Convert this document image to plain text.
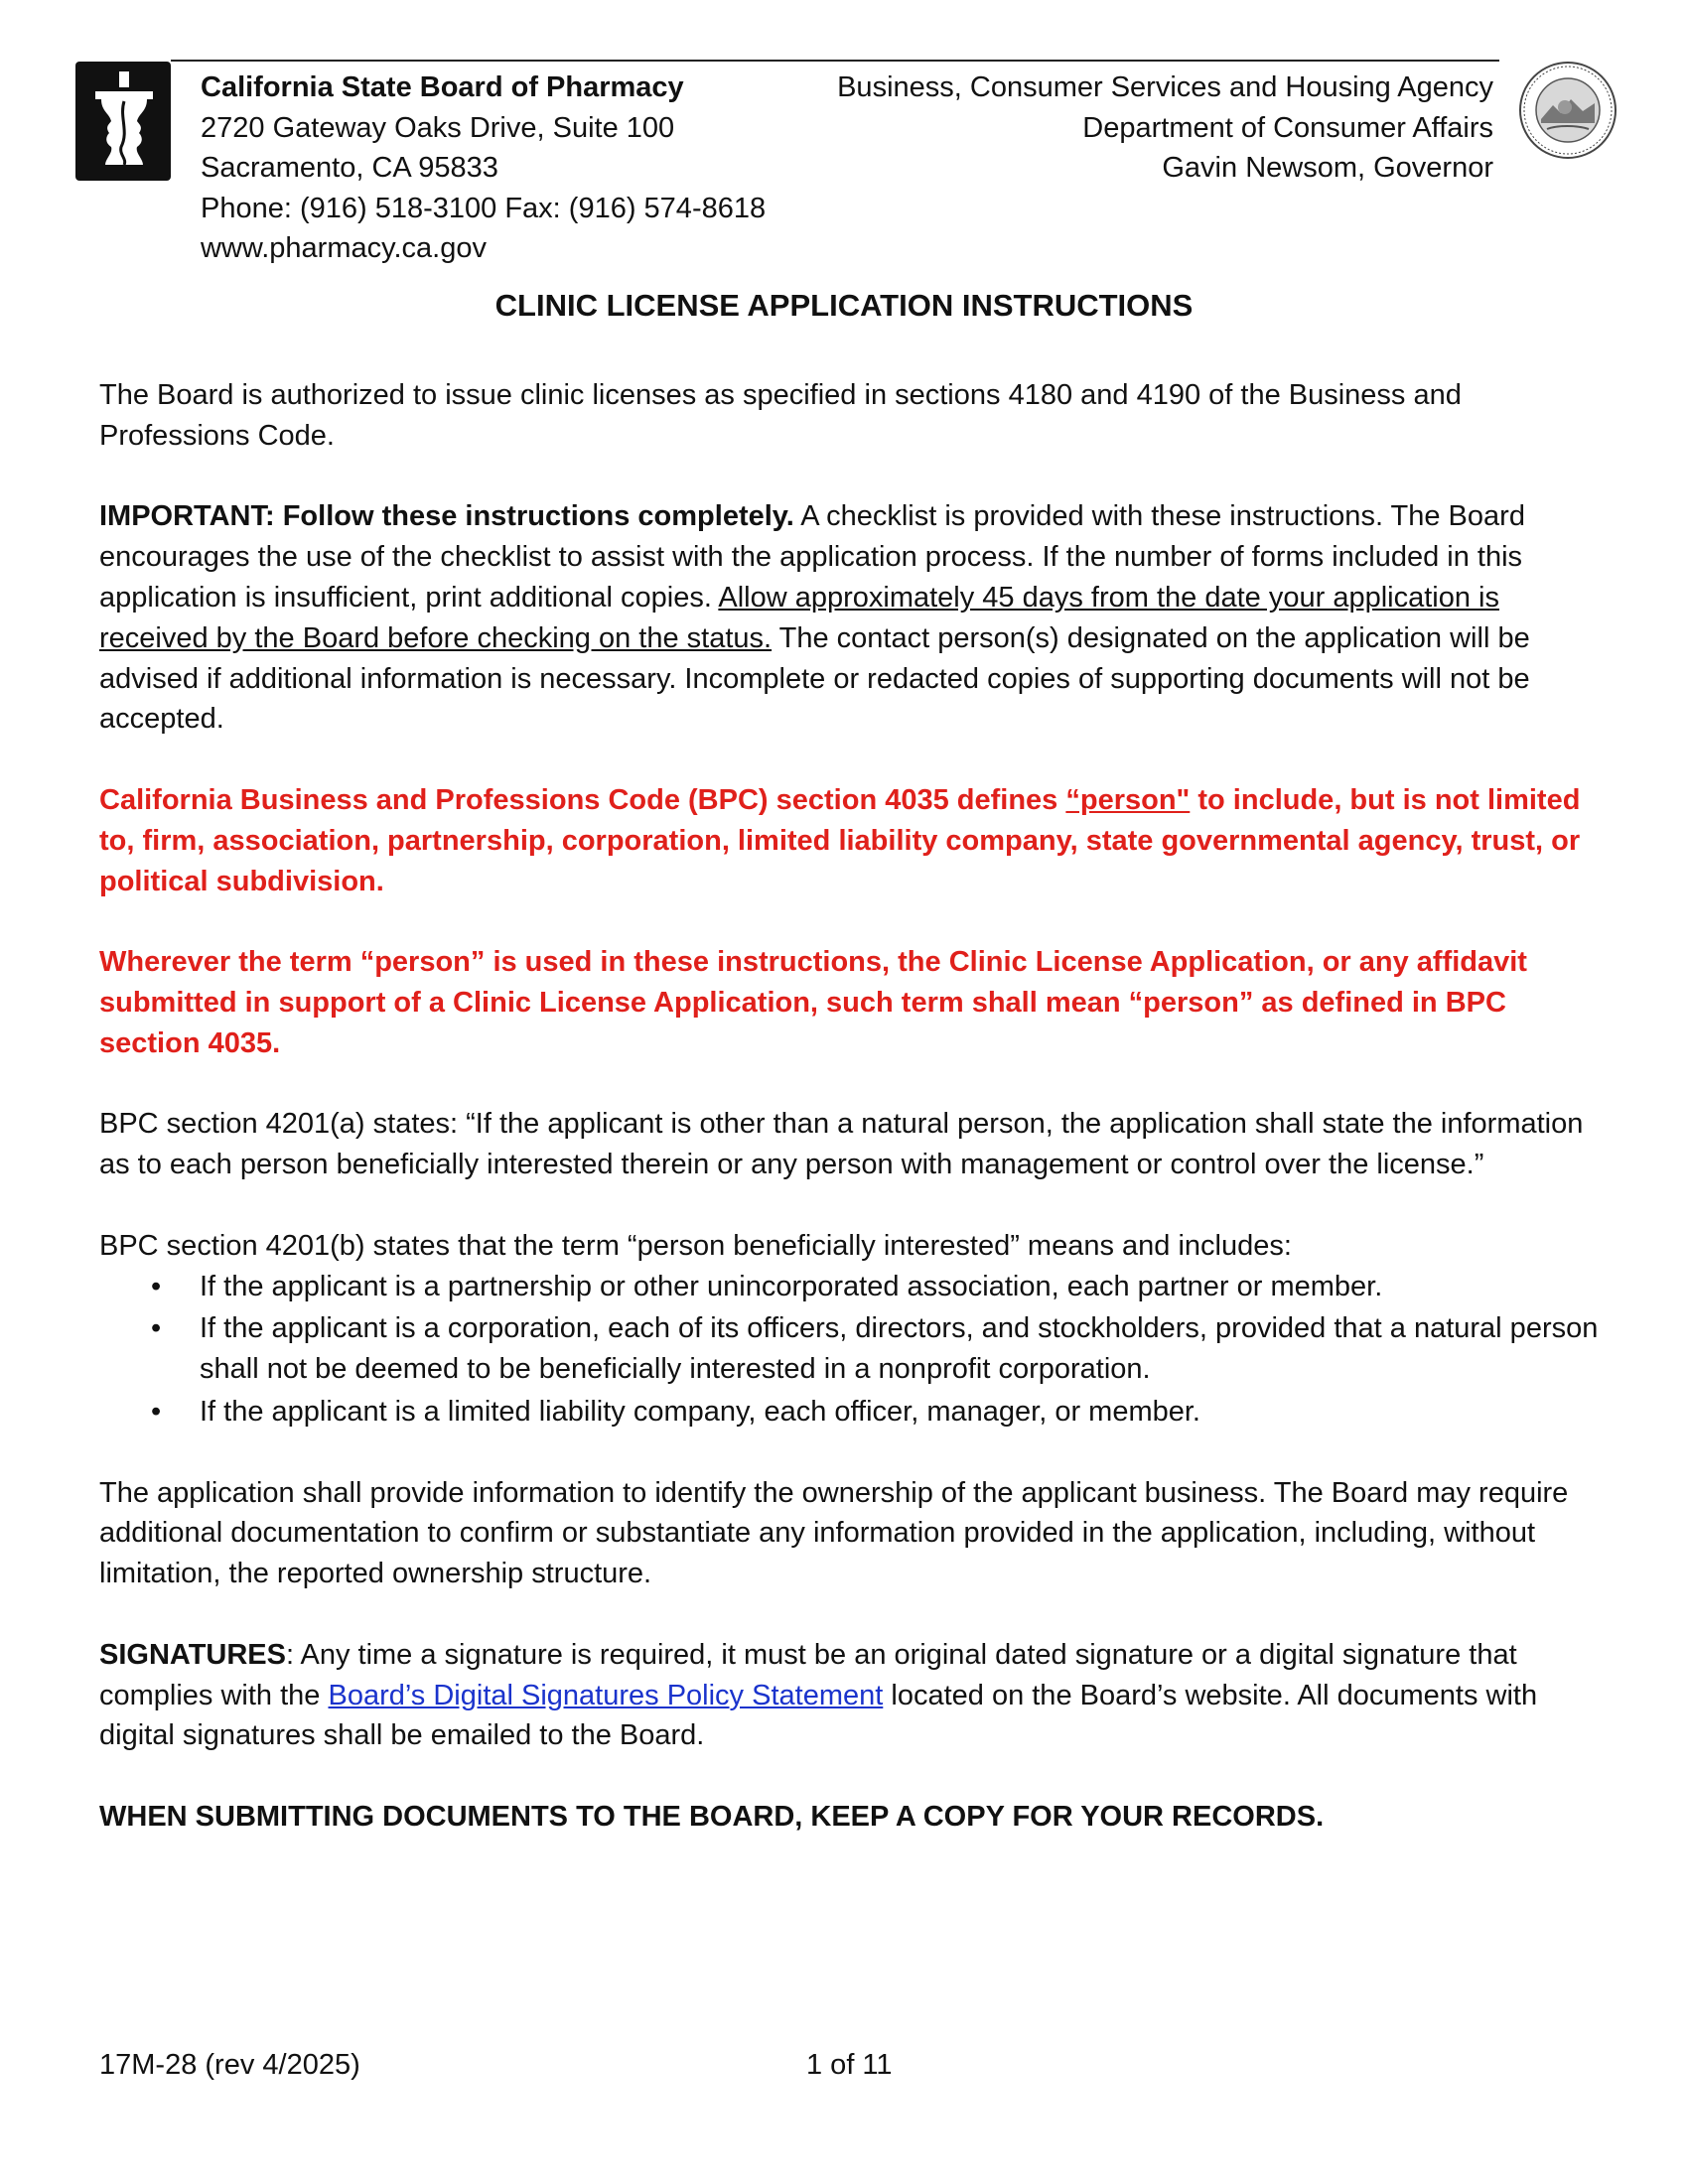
California State Board of Pharmacy
2720 Gateway Oaks Drive, Suite 100
Sacramento, CA 95833
Phone: (916) 518-3100 Fax: (916) 574-8618
www.pharmacy.ca.gov
Business, Consumer Services and Housing Agency
Department of Consumer Affairs
Gavin Newsom, Governor
CLINIC LICENSE APPLICATION INSTRUCTIONS

The Board is authorized to issue clinic licenses as specified in sections 4180 and 4190 of the Business and Professions Code.

IMPORTANT: Follow these instructions completely. A checklist is provided with these instructions. The Board encourages the use of the checklist to assist with the application process. If the number of forms included in this application is insufficient, print additional copies. Allow approximately 45 days from the date your application is received by the Board before checking on the status. The contact person(s) designated on the application will be advised if additional information is necessary. Incomplete or redacted copies of supporting documents will not be accepted.

California Business and Professions Code (BPC) section 4035 defines “person" to include, but is not limited to, firm, association, partnership, corporation, limited liability company, state governmental agency, trust, or political subdivision.

Wherever the term “person” is used in these instructions, the Clinic License Application, or any affidavit submitted in support of a Clinic License Application, such term shall mean “person” as defined in BPC section 4035.

BPC section 4201(a) states: “If the applicant is other than a natural person, the application shall state the information as to each person beneficially interested therein or any person with management or control over the license.”

BPC section 4201(b) states that the term “person beneficially interested” means and includes:
• If the applicant is a partnership or other unincorporated association, each partner or member.
• If the applicant is a corporation, each of its officers, directors, and stockholders, provided that a natural person shall not be deemed to be beneficially interested in a nonprofit corporation.
• If the applicant is a limited liability company, each officer, manager, or member.

The application shall provide information to identify the ownership of the applicant business. The Board may require additional documentation to confirm or substantiate any information provided in the application, including, without limitation, the reported ownership structure.

SIGNATURES: Any time a signature is required, it must be an original dated signature or a digital signature that complies with the Board’s Digital Signatures Policy Statement located on the Board’s website. All documents with digital signatures shall be emailed to the Board.

WHEN SUBMITTING DOCUMENTS TO THE BOARD, KEEP A COPY FOR YOUR RECORDS.

17M-28 (rev 4/2025)	1 of 11
